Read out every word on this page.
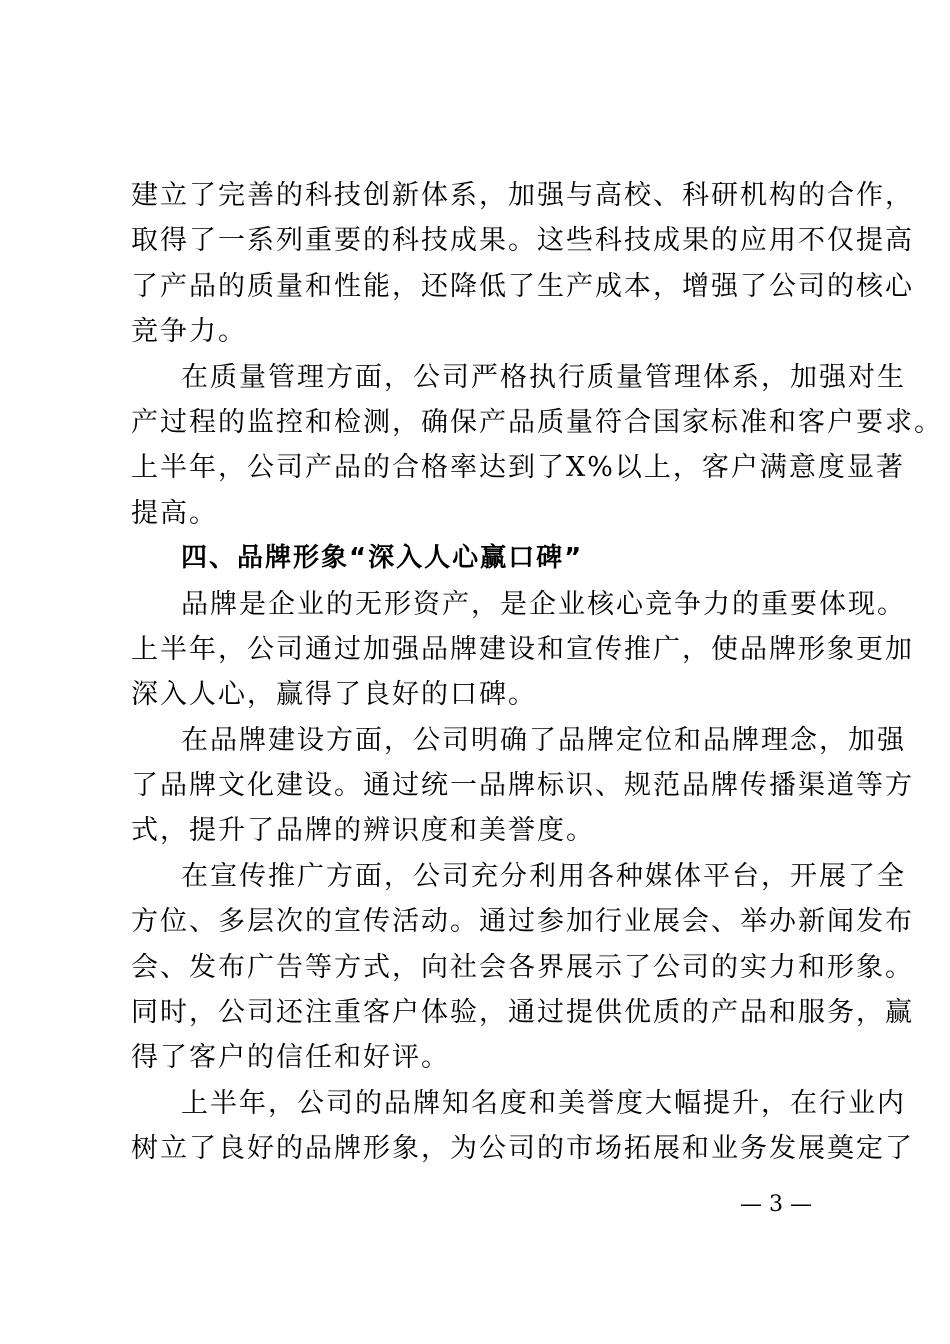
建立了完善的科技创新体系，加强与高校、科研机构的合作，
取得了一系列重要的科技成果。这些科技成果的应用不仅提高
了产品的质量和性能，还降低了生产成本，增强了公司的核心
竞争力。
在质量管理方面，公司严格执行质量管理体系，加强对生
产过程的监控和检测，确保产品质量符合国家标准和客户要求。
上半年，公司产品的合格率达到了X%以上，客户满意度显著
提高。
四、品牌形象“深入人心赢口碑”
品牌是企业的无形资产，是企业核心竞争力的重要体现。
上半年，公司通过加强品牌建设和宣传推广，使品牌形象更加
深入人心，赢得了良好的口碑。
在品牌建设方面，公司明确了品牌定位和品牌理念，加强
了品牌文化建设。通过统一品牌标识、规范品牌传播渠道等方
式，提升了品牌的辨识度和美誉度。
在宣传推广方面，公司充分利用各种媒体平台，开展了全
方位、多层次的宣传活动。通过参加行业展会、举办新闻发布
会、发布广告等方式，向社会各界展示了公司的实力和形象。
同时，公司还注重客户体验，通过提供优质的产品和服务，赢
得了客户的信任和好评。
上半年，公司的品牌知名度和美誉度大幅提升，在行业内
树立了良好的品牌形象，为公司的市场拓展和业务发展奠定了
— 3 —
